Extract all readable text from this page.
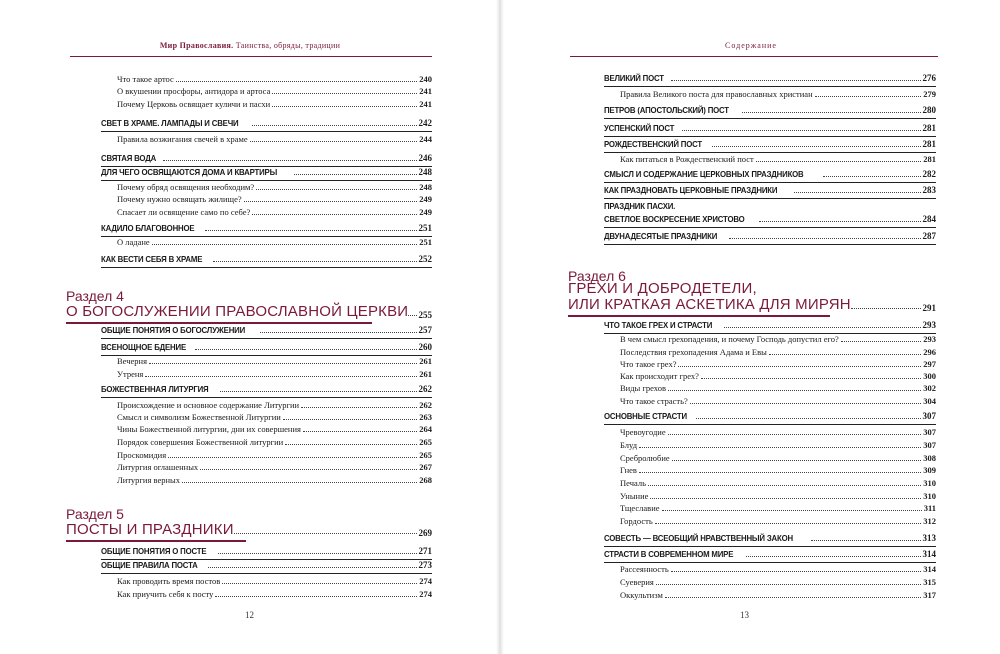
Мир Православия. Таинства, обряды, традиции
Что такое артос	240
О вкушении просфоры, антидора и артоса	241
Почему Церковь освящает куличи и пасхи	241
СВЕТ В ХРАМЕ. ЛАМПАДЫ И СВЕЧИ	242
Правила возжигания свечей в храме	244
СВЯТАЯ ВОДА	246
ДЛЯ ЧЕГО ОСВЯЩАЮТСЯ ДОМА И КВАРТИРЫ	248
Почему обряд освящения необходим?	248
Почему нужно освящать жилище?	249
Спасает ли освящение само по себе?	249
КАДИЛО БЛАГОВОННОЕ	251
О ладане	251
КАК ВЕСТИ СЕБЯ В ХРАМЕ	252
ОБЩИЕ ПОНЯТИЯ О БОГОСЛУЖЕНИИ	257
ВСЕНОЩНОЕ БДЕНИЕ	260
Вечерня	261
Утреня	261
БОЖЕСТВЕННАЯ ЛИТУРГИЯ	262
Происхождение и основное содержание Литургии	262
Смысл и символизм Божественной Литургии	263
Чины Божественной литургии, дни их совершения	264
Порядок совершения Божественной литургии	265
Проскомидия	265
Литургия оглашенных	267
Литургия верных	268
ОБЩИЕ ПОНЯТИЯ О ПОСТЕ	271
ОБЩИЕ ПРАВИЛА ПОСТА	273
Как проводить время постов	274
Как приучить себя к посту	274
Раздел 4
О БОГОСЛУЖЕНИИ ПРАВОСЛАВНОЙ ЦЕРКВИ 255
Раздел 5
ПОСТЫ И ПРАЗДНИКИ	269
12
Содержание
ВЕЛИКИЙ ПОСТ	276
Правила Великого поста для православных христиан	279
ПЕТРОВ (АПОСТОЛЬСКИЙ) ПОСТ	280
УСПЕНСКИЙ ПОСТ	281
РОЖДЕСТВЕНСКИЙ ПОСТ	281
Как питаться в Рождественский пост	281
СМЫСЛ И СОДЕРЖАНИЕ ЦЕРКОВНЫХ ПРАЗДНИКОВ	282
КАК ПРАЗДНОВАТЬ ЦЕРКОВНЫЕ ПРАЗДНИКИ	283
ПРАЗДНИК ПАСХИ.
СВЕТЛОЕ ВОСКРЕСЕНИЕ ХРИСТОВО	284
ДВУНАДЕСЯТЫЕ ПРАЗДНИКИ	287
ЧТО ТАКОЕ ГРЕХ И СТРАСТИ	293
В чем смысл грехопадения, и почему Господь допустил его?	293
Последствия грехопадения Адама и Евы	296
Что такое грех?	297
Как происходит грех?	300
Виды грехов	302
Что такое страсть?	304
ОСНОВНЫЕ СТРАСТИ	307
Чревоугодие	307
Блуд	307
Сребролюбие	308
Гнев	309
Печаль	310
Уныние	310
Тщеславие	311
Гордость	312
СОВЕСТЬ — ВСЕОБЩИЙ НРАВСТВЕННЫЙ ЗАКОН	313
СТРАСТИ В СОВРЕМЕННОМ МИРЕ	314
Рассеянность	314
Суеверия	315
Оккультизм	317
Раздел 6
ГРЕХИ И ДОБРОДЕТЕЛИ,
ИЛИ КРАТКАЯ АСКЕТИКА ДЛЯ МИРЯН	291
13
